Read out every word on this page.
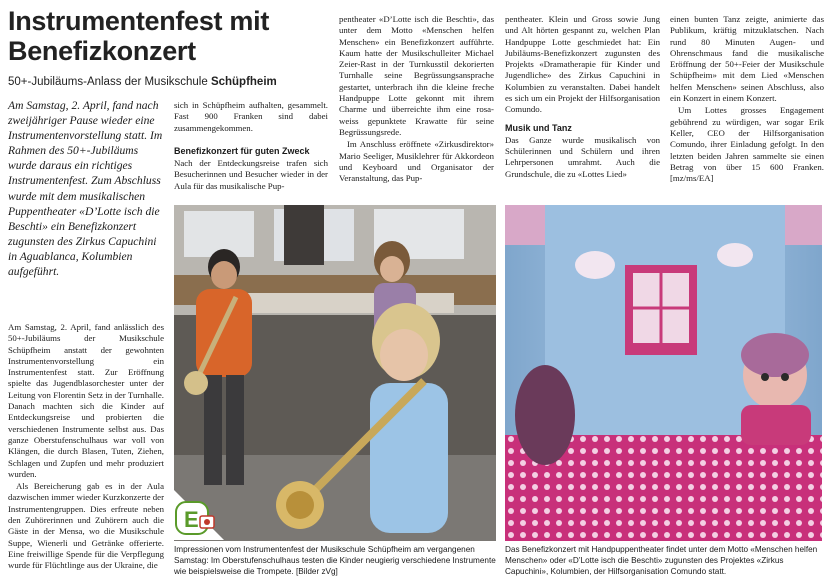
Instrumentenfest mit Benefizkonzert
50+-Jubiläums-Anlass der Musikschule Schüpfheim
Am Samstag, 2. April, fand nach zweijähriger Pause wieder eine Instrumentenvorstellung statt. Im Rahmen des 50+-Jubiläums wurde daraus ein richtiges Instrumentenfest. Zum Abschluss wurde mit dem musikalischen Puppentheater «D’Lotte isch die Beschti» ein Benefizkonzert zugunsten des Zirkus Capuchini in Aguablanca, Kolumbien aufgeführt.

Am Samstag, 2. April, fand anlässlich des 50+-Jubiläums der Musikschule Schüpfheim anstatt der gewohnten Instrumentenvorstellung ein Instrumentenfest statt. Zur Eröffnung spielte das Jugendblasorchester unter der Leitung von Florentin Setz in der Turnhalle. Danach machten sich die Kinder auf Entdeckungsreise und probierten die verschiedenen Instrumente selbst aus. Das ganze Oberstufenschulhaus war voll von Klängen, die durch Blasen, Tuten, Ziehen, Schlagen und Zupfen und mehr produziert wurden.

Als Bereicherung gab es in der Aula dazwischen immer wieder Kurzkonzerte der Instrumentengruppen. Dies erfreute neben den Zuhörerinnen und Zuhörern auch die Gäste in der Mensa, wo die Musikschule Suppe, Wienerli und Getränke offerierte. Eine freiwillige Spende für die Verpflegung wurde für Flüchtlinge aus der Ukraine, die

sich in Schüpfheim aufhalten, gesammelt. Fast 900 Franken sind dabei zusammengekommen.

Benefizkonzert für guten Zweck

Nach der Entdeckungsreise trafen sich Besucherinnen und Besucher wieder in der Aula für das musikalische Pup-

pentheater «D’Lotte isch die Beschti», das unter dem Motto «Menschen helfen Menschen» ein Benefizkonzert aufführte. Kaum hatte der Musikschulleiter Michael Zeier-Rast in der Turnkusstil dekorierten Turnhalle seine Begrüssungsansprache gestartet, unterbrach ihn die kleine freche Handpuppe Lotte gekonnt mit ihrem Charme und überreichte ihm eine rosa-weiss gepunktete Krawatte für seine Begrüssungsrede.

Im Anschluss eröffnete «Zirkusdirektor» Mario Seeliger, Musiklehrer für Akkordeon und Keyboard und Organisator der Veranstaltung, das Pup-

pentheater. Klein und Gross sowie Jung und Alt hörten gespannt zu, welchen Plan Handpuppe Lotte geschmiedet hat: Ein Jubiläums-Benefizkonzert zugunsten des Projekts «Dramatherapie für Kinder und Jugendliche» des Zirkus Capuchini in Kolumbien zu veranstalten. Dabei handelt es sich um ein Projekt der Hilfsorganisation Comundo.

Musik und Tanz

Das Ganze wurde musikalisch von Schülerinnen und Schülern und ihren Lehrpersonen umrahmt. Auch die Grundschule, die zu «Lottes Lied»

einen bunten Tanz zeigte, animierte das Publikum, kräftig mitzuklatschen. Nach rund 80 Minuten Augen- und Ohrenschmaus fand die musikalische Eröffnung der 50+-Feier der Musikschule Schüpfheim» mit dem Lied «Menschen helfen Menschen» seinen Abschluss, also ein Konzert in einem Konzert.

Um Lottes grosses Engagement gebührend zu würdigen, war sogar Erik Keller, CEO der Hilfsorganisation Comundo, ihrer Einladung gefolgt. In den letzten beiden Jahren sammelte sie einen Betrag von über 15 600 Franken. [mz/ms/EA]

E
Impressionen vom Instrumentenfest der Musikschule Schüpfheim am vergangenen Samstag: Im Oberstufenschulhaus testen die Kinder neugierig verschiedene Instrumente wie beispielsweise die Trompete. [Bilder zVg]
Das Benefizkonzert mit Handpuppentheater findet unter dem Motto «Menschen helfen Menschen» oder «D’Lotte isch die Beschti» zugunsten des Projektes «Zirkus Capuchini», Kolumbien, der Hilfsorganisation Comundo statt.
